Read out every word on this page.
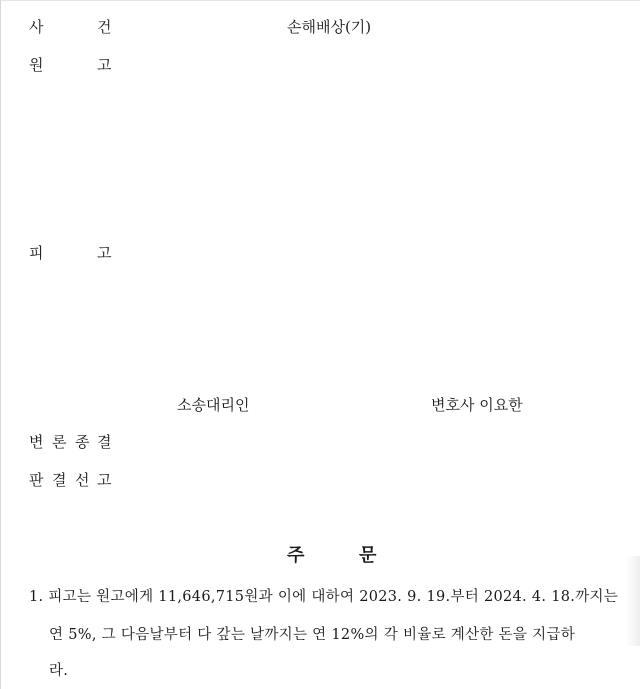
사	건	손해배상(기)
원	고
피	고
소송대리인	변호사 이요한
변 론 종 결
판 결 선 고
주	문
1. 피고는 원고에게 11,646,715원과 이에 대하여 2023. 9. 19.부터 2024. 4. 18.까지는
연 5%, 그 다음날부터 다 갚는 날까지는 연 12%의 각 비율로 계산한 돈을 지급하
라.
